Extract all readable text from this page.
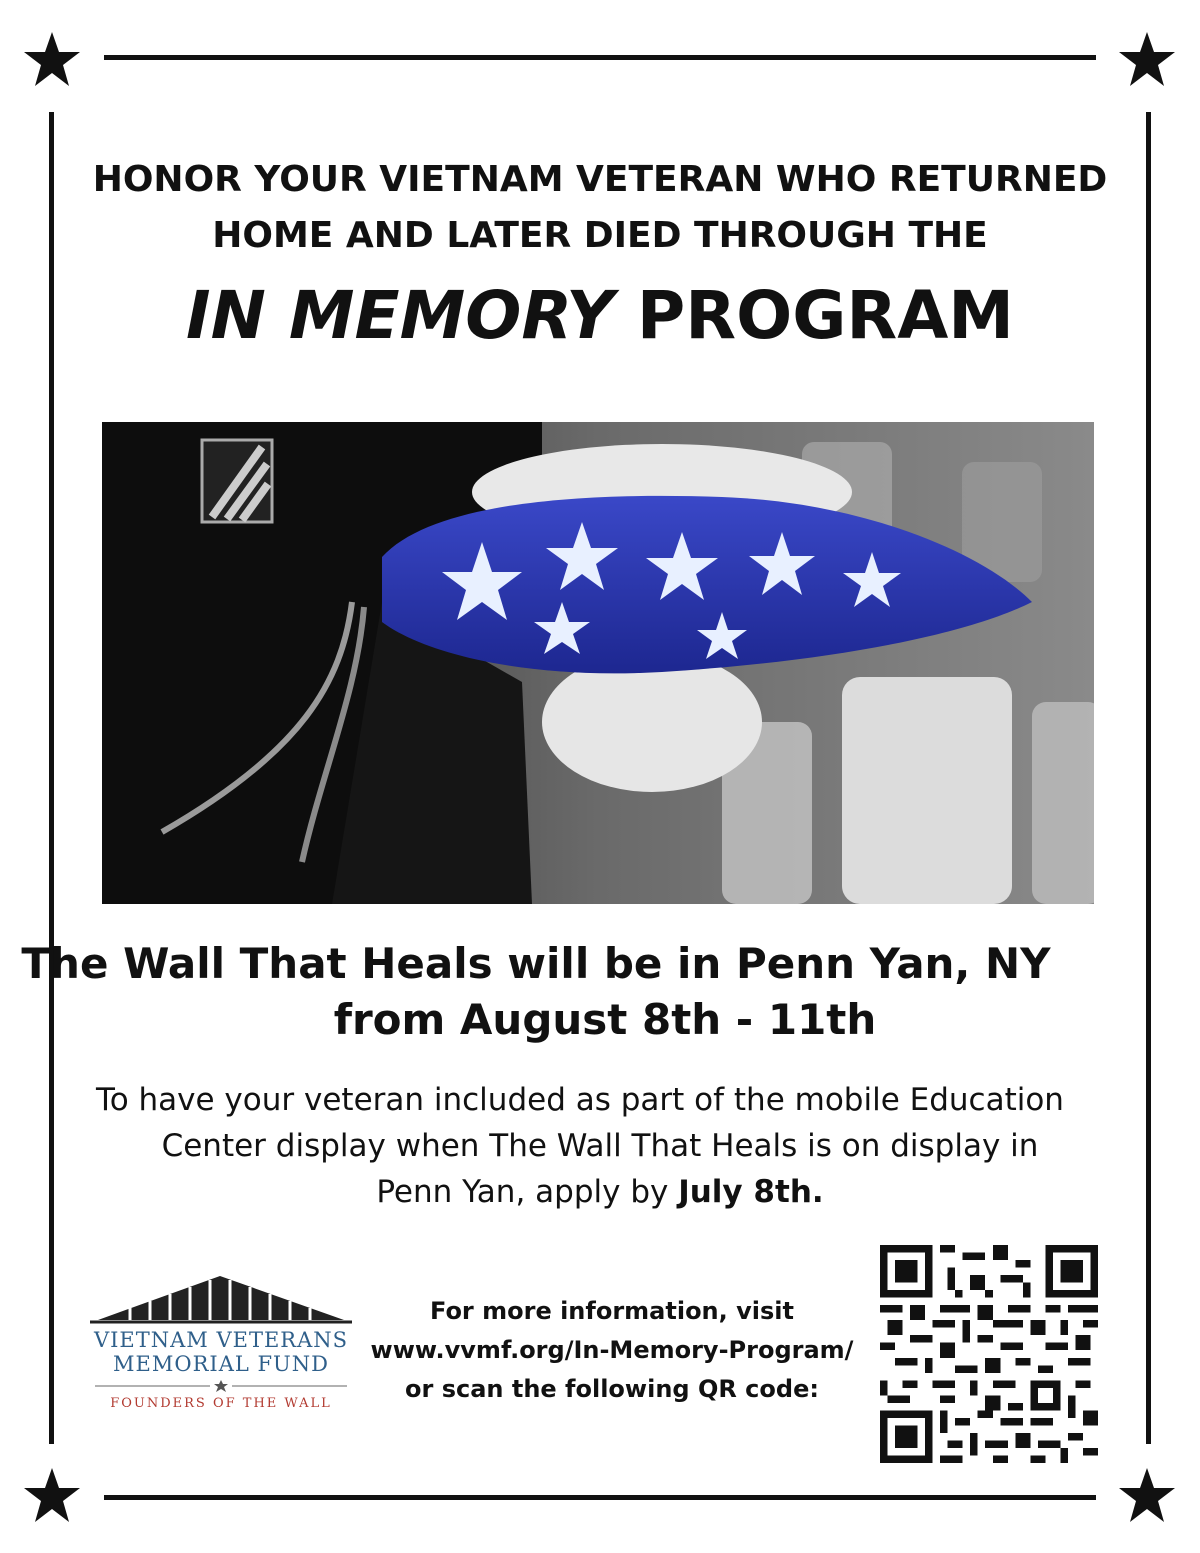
HONOR YOUR VIETNAM VETERAN WHO RETURNED
HOME AND LATER DIED THROUGH THE
IN MEMORY PROGRAM
The Wall That Heals will be in Penn Yan, NY
from August 8th - 11th
To have your veteran included as part of the mobile Education
Center display when The Wall That Heals is on display in
Penn Yan, apply by July 8th.
VIETNAM VETERANS
MEMORIAL FUND
FOUNDERS OF THE WALL
For more information, visit
www.vvmf.org/In-Memory-Program/
or scan the following QR code:
